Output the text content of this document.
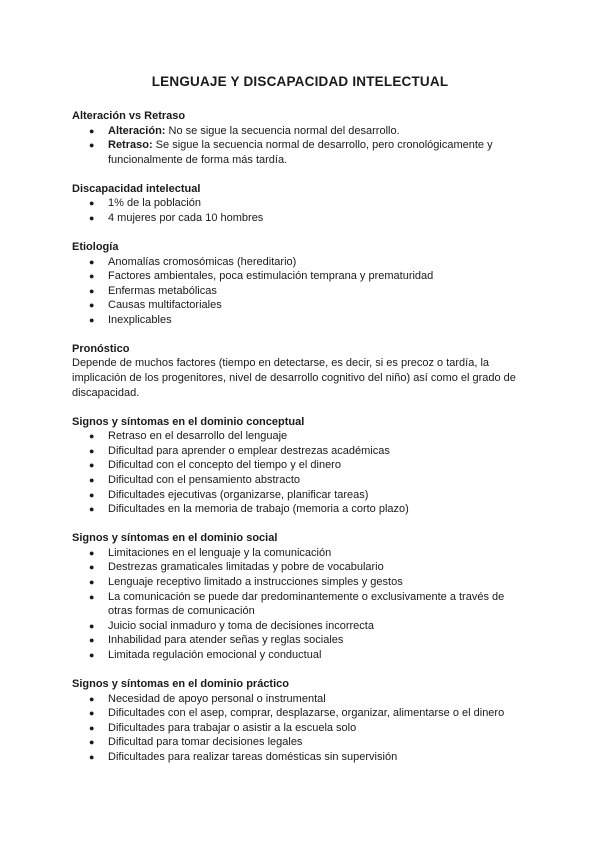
LENGUAJE Y DISCAPACIDAD INTELECTUAL
Alteración vs Retraso
● Alteración: No se sigue la secuencia normal del desarrollo.
● Retraso: Se sigue la secuencia normal de desarrollo, pero cronológicamente y funcionalmente de forma más tardía.
Discapacidad intelectual
● 1% de la población
● 4 mujeres por cada 10 hombres
Etiología
● Anomalías cromosómicas (hereditario)
● Factores ambientales, poca estimulación temprana y prematuridad
● Enfermas metabólicas
● Causas multifactoriales
● Inexplicables
Pronóstico

Depende de muchos factores (tiempo en detectarse, es decir, si es precoz o tardía, la implicación de los progenitores, nivel de desarrollo cognitivo del niño) así como el grado de discapacidad.

Signos y síntomas en el dominio conceptual
● Retraso en el desarrollo del lenguaje
● Dificultad para aprender o emplear destrezas académicas
● Dificultad con el concepto del tiempo y el dinero
● Dificultad con el pensamiento abstracto
● Dificultades ejecutivas (organizarse, planificar tareas)
● Dificultades en la memoria de trabajo (memoria a corto plazo)
Signos y síntomas en el dominio social
● Limitaciones en el lenguaje y la comunicación
● Destrezas gramaticales limitadas y pobre de vocabulario
● Lenguaje receptivo limitado a instrucciones simples y gestos
● La comunicación se puede dar predominantemente o exclusivamente a través de otras formas de comunicación
● Juicio social inmaduro y toma de decisiones incorrecta
● Inhabilidad para atender señas y reglas sociales
● Limitada regulación emocional y conductual
Signos y síntomas en el dominio práctico
● Necesidad de apoyo personal o instrumental
● Dificultades con el asep, comprar, desplazarse, organizar, alimentarse o el dinero
● Dificultades para trabajar o asistir a la escuela solo
● Dificultad para tomar decisiones legales
● Dificultades para realizar tareas domésticas sin supervisión
